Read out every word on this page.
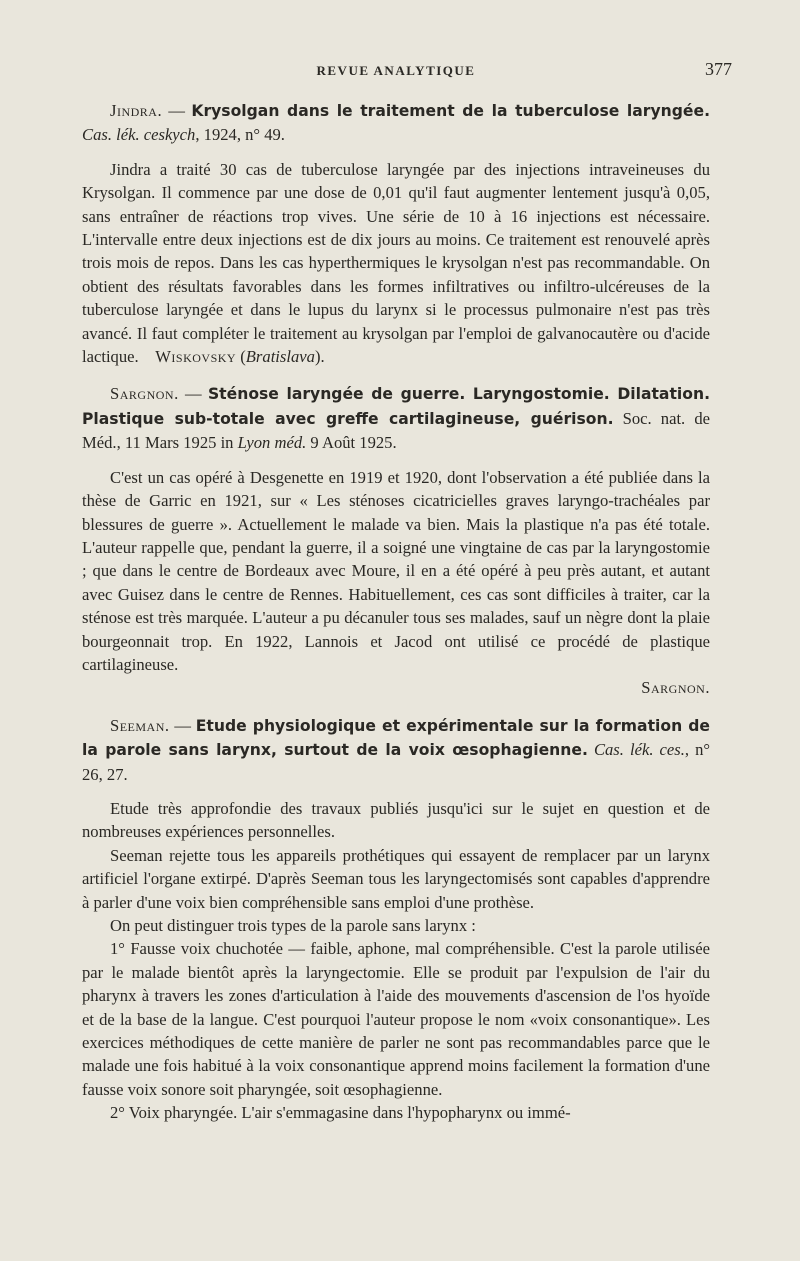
REVUE ANALYTIQUE	377

Jindra. — Krysolgan dans le traitement de la tuberculose laryngée. Cas. lék. ceskych, 1924, n° 49.

Jindra a traité 30 cas de tuberculose laryngée par des injections intraveineuses du Krysolgan. Il commence par une dose de 0,01 qu'il faut augmenter lentement jusqu'à 0,05, sans entraîner de réactions trop vives. Une série de 10 à 16 injections est nécessaire. L'intervalle entre deux injections est de dix jours au moins. Ce traitement est renouvelé après trois mois de repos. Dans les cas hyperthermiques le krysolgan n'est pas recommandable. On obtient des résultats favorables dans les formes infiltratives ou infiltro-ulcéreuses de la tuberculose laryngée et dans le lupus du larynx si le processus pulmonaire n'est pas très avancé. Il faut compléter le traitement au krysolgan par l'emploi de galvanocautère ou d'acide lactique. Wiskovsky (Bratislava).

Sargnon. — Sténose laryngée de guerre. Laryngostomie. Dilatation. Plastique sub-totale avec greffe cartilagineuse, guérison. Soc. nat. de Méd., 11 Mars 1925 in Lyon méd. 9 Août 1925.

C'est un cas opéré à Desgenette en 1919 et 1920, dont l'observation a été publiée dans la thèse de Garric en 1921, sur « Les sténoses cicatricielles graves laryngo-trachéales par blessures de guerre ». Actuellement le malade va bien. Mais la plastique n'a pas été totale. L'auteur rappelle que, pendant la guerre, il a soigné une vingtaine de cas par la laryngostomie ; que dans le centre de Bordeaux avec Moure, il en a été opéré à peu près autant, et autant avec Guisez dans le centre de Rennes. Habituellement, ces cas sont difficiles à traiter, car la sténose est très marquée. L'auteur a pu décanuler tous ses malades, sauf un nègre dont la plaie bourgeonnait trop. En 1922, Lannois et Jacod ont utilisé ce procédé de plastique cartilagineuse.

Sargnon.

Seeman. — Etude physiologique et expérimentale sur la formation de la parole sans larynx, surtout de la voix œsophagienne. Cas. lék. ces., n° 26, 27.

Etude très approfondie des travaux publiés jusqu'ici sur le sujet en question et de nombreuses expériences personnelles.

Seeman rejette tous les appareils prothétiques qui essayent de remplacer par un larynx artificiel l'organe extirpé. D'après Seeman tous les laryngectomisés sont capables d'apprendre à parler d'une voix bien compréhensible sans emploi d'une prothèse.

On peut distinguer trois types de la parole sans larynx :

1° Fausse voix chuchotée — faible, aphone, mal compréhensible. C'est la parole utilisée par le malade bientôt après la laryngectomie. Elle se produit par l'expulsion de l'air du pharynx à travers les zones d'articulation à l'aide des mouvements d'ascension de l'os hyoïde et de la base de la langue. C'est pourquoi l'auteur propose le nom «voix consonantique». Les exercices méthodiques de cette manière de parler ne sont pas recommandables parce que le malade une fois habitué à la voix consonantique apprend moins facilement la formation d'une fausse voix sonore soit pharyngée, soit œsophagienne.

2° Voix pharyngée. L'air s'emmagasine dans l'hypopharynx ou immé-
